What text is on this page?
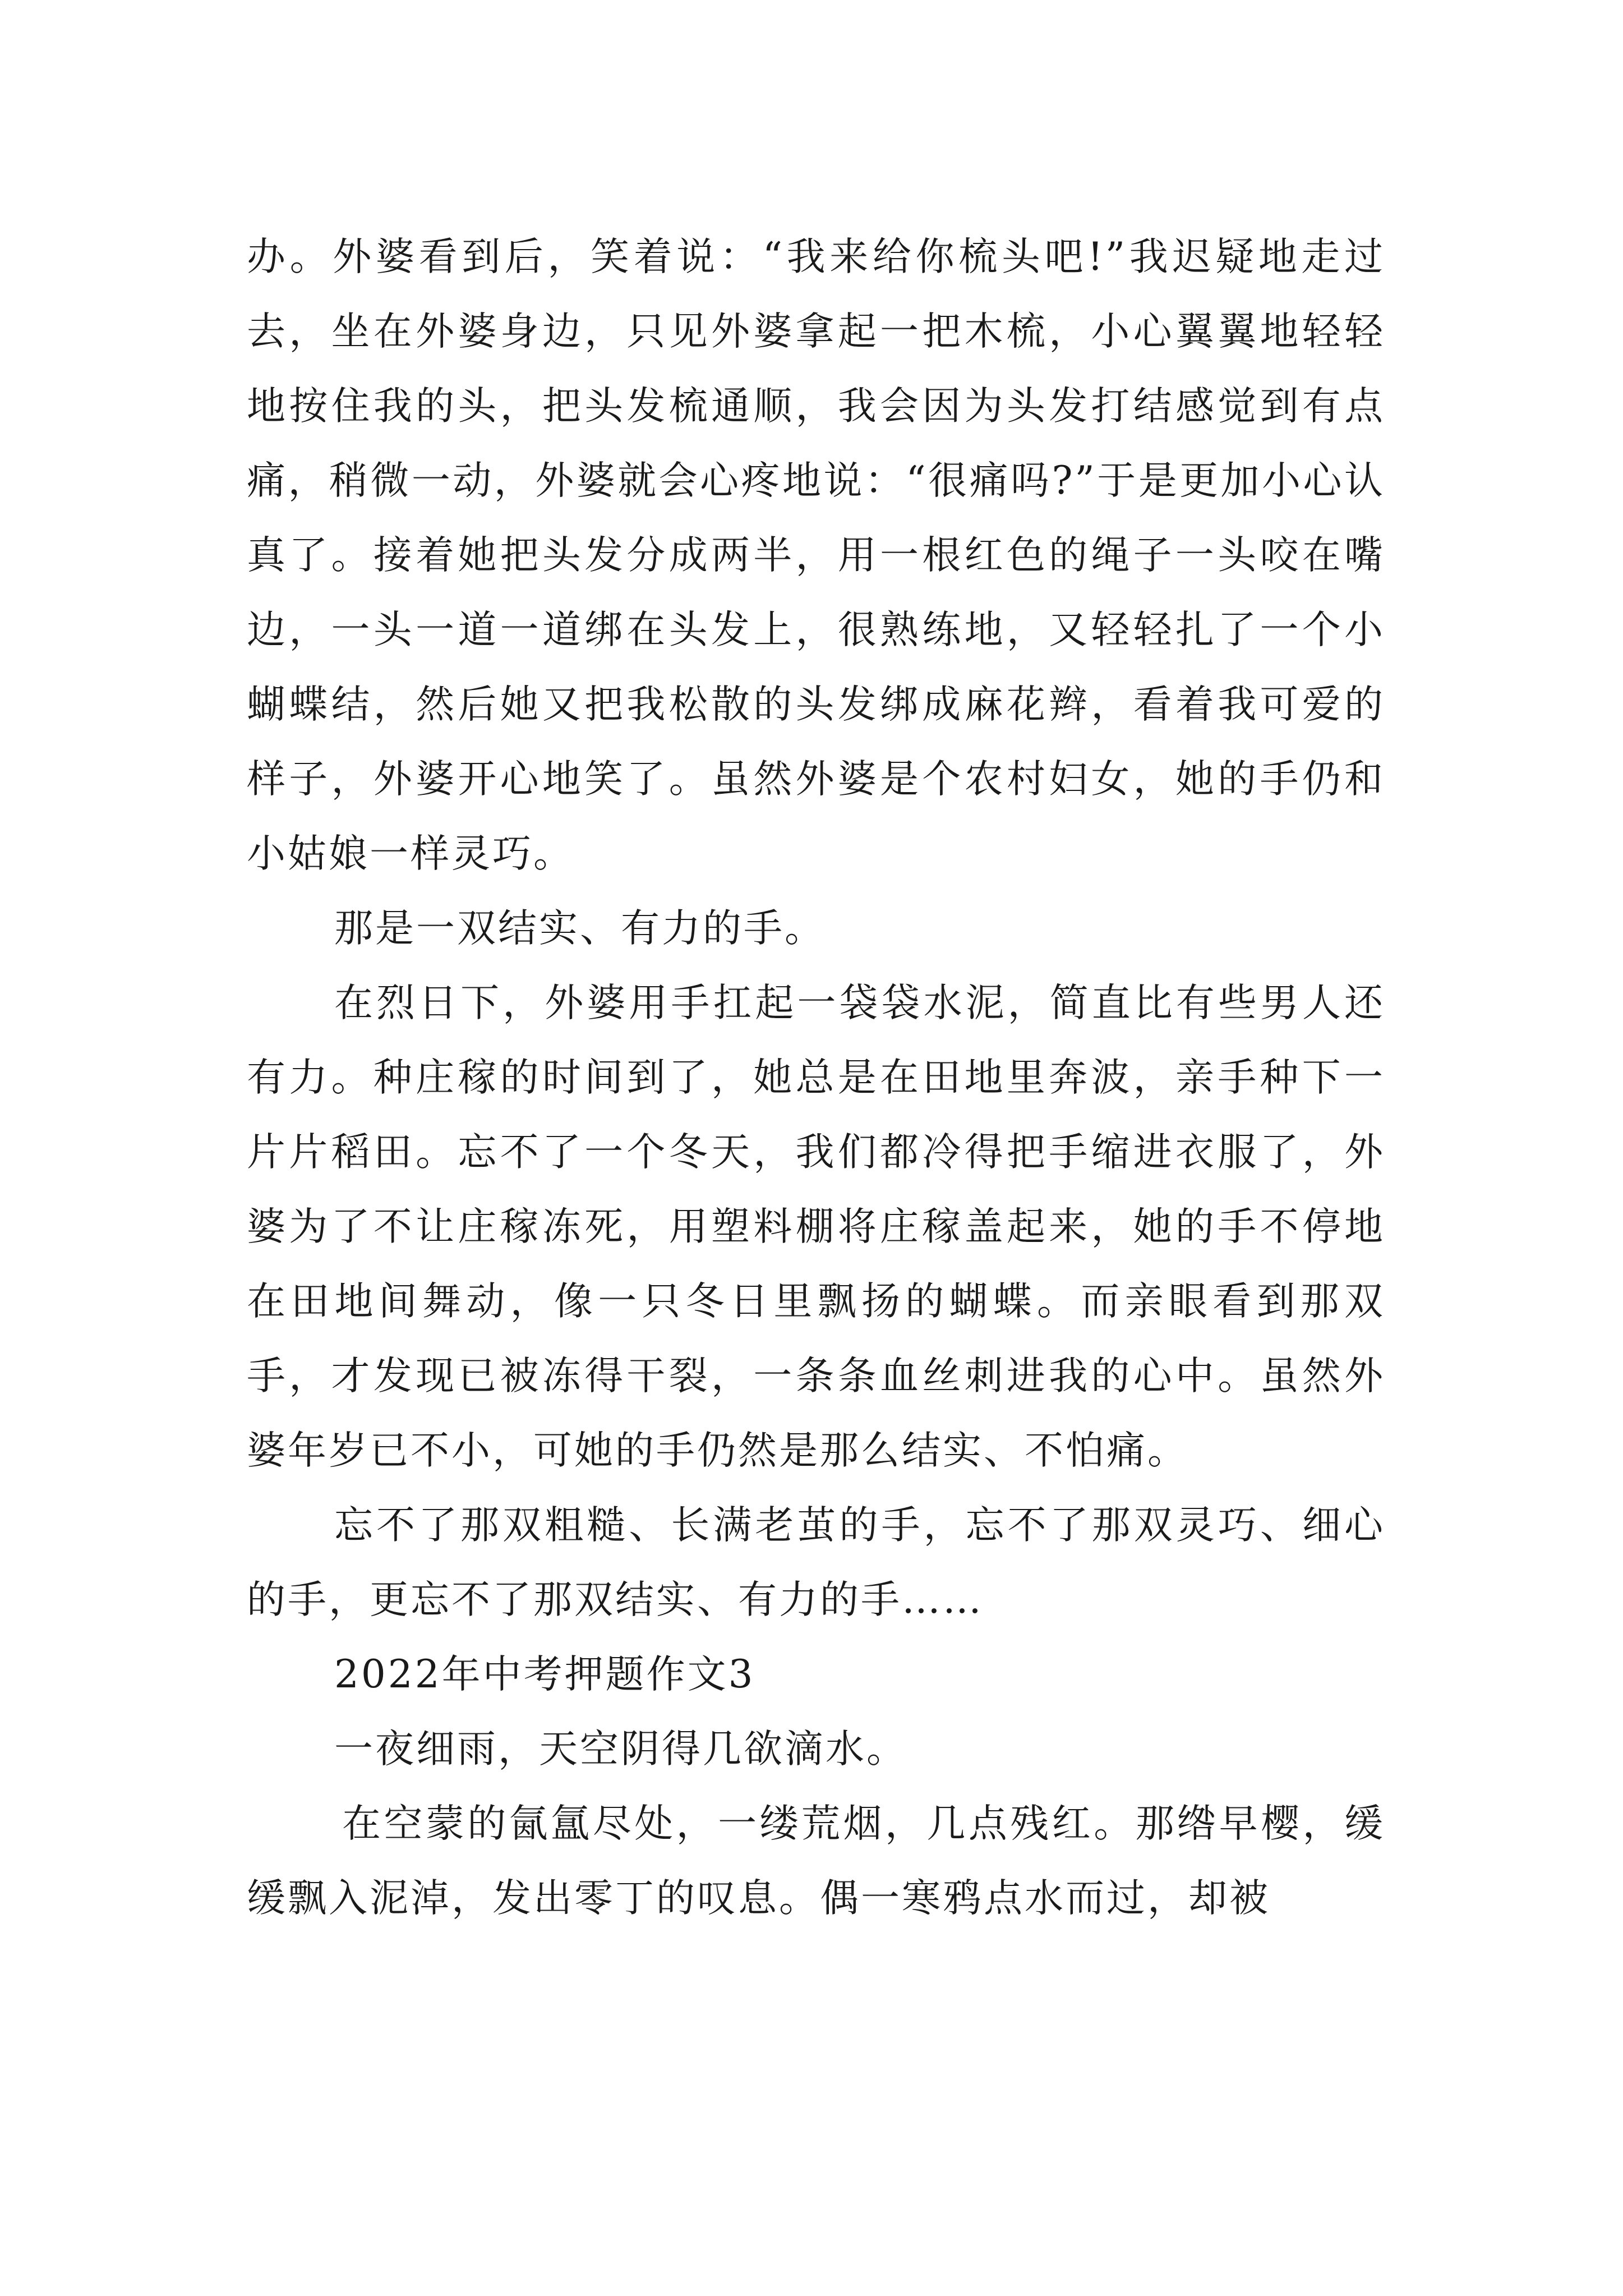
办。外婆看到后，笑着说：“我来给你梳头吧!”我迟疑地走过去，坐在外婆身边，只见外婆拿起一把木梳，小心翼翼地轻轻地按住我的头，把头发梳通顺，我会因为头发打结感觉到有点痛，稍微一动，外婆就会心疼地说：“很痛吗?”于是更加小心认真了。接着她把头发分成两半，用一根红色的绳子一头咬在嘴边，一头一道一道绑在头发上，很熟练地，又轻轻扎了一个小蝴蝶结，然后她又把我松散的头发绑成麻花辫，看着我可爱的样子，外婆开心地笑了。虽然外婆是个农村妇女，她的手仍和小姑娘一样灵巧。

那是一双结实、有力的手。

在烈日下，外婆用手扛起一袋袋水泥，简直比有些男人还有力。种庄稼的时间到了，她总是在田地里奔波，亲手种下一片片稻田。忘不了一个冬天，我们都冷得把手缩进衣服了，外婆为了不让庄稼冻死，用塑料棚将庄稼盖起来，她的手不停地在田地间舞动，像一只冬日里飘扬的蝴蝶。而亲眼看到那双手，才发现已被冻得干裂，一条条血丝刺进我的心中。虽然外婆年岁已不小，可她的手仍然是那么结实、不怕痛。

忘不了那双粗糙、长满老茧的手，忘不了那双灵巧、细心的手，更忘不了那双结实、有力的手……

2022年中考押题作文3

一夜细雨，天空阴得几欲滴水。

在空蒙的氤氲尽处，一缕荒烟，几点残红。那绺早樱，缓缓飘入泥淖，发出零丁的叹息。偶一寒鸦点水而过，却被
